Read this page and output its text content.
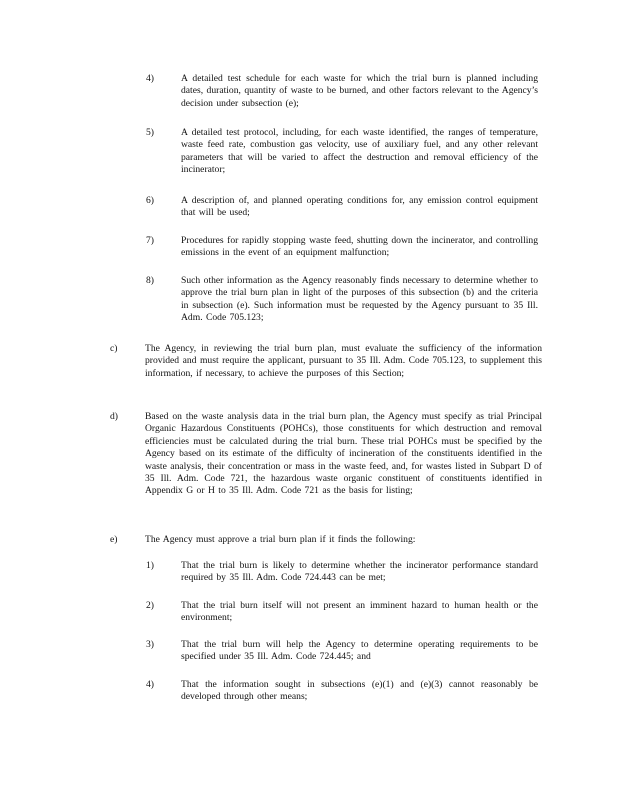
4)	A detailed test schedule for each waste for which the trial burn is planned including dates, duration, quantity of waste to be burned, and other factors relevant to the Agency’s decision under subsection (e);
5)	A detailed test protocol, including, for each waste identified, the ranges of temperature, waste feed rate, combustion gas velocity, use of auxiliary fuel, and any other relevant parameters that will be varied to affect the destruction and removal efficiency of the incinerator;
6)	A description of, and planned operating conditions for, any emission control equipment that will be used;
7)	Procedures for rapidly stopping waste feed, shutting down the incinerator, and controlling emissions in the event of an equipment malfunction;
8)	Such other information as the Agency reasonably finds necessary to determine whether to approve the trial burn plan in light of the purposes of this subsection (b) and the criteria in subsection (e). Such information must be requested by the Agency pursuant to 35 Ill. Adm. Code 705.123;
c)	The Agency, in reviewing the trial burn plan, must evaluate the sufficiency of the information provided and must require the applicant, pursuant to 35 Ill. Adm. Code 705.123, to supplement this information, if necessary, to achieve the purposes of this Section;
d)	Based on the waste analysis data in the trial burn plan, the Agency must specify as trial Principal Organic Hazardous Constituents (POHCs), those constituents for which destruction and removal efficiencies must be calculated during the trial burn. These trial POHCs must be specified by the Agency based on its estimate of the difficulty of incineration of the constituents identified in the waste analysis, their concentration or mass in the waste feed, and, for wastes listed in Subpart D of 35 Ill. Adm. Code 721, the hazardous waste organic constituent of constituents identified in Appendix G or H to 35 Ill. Adm. Code 721 as the basis for listing;
e)	The Agency must approve a trial burn plan if it finds the following:
1)	That the trial burn is likely to determine whether the incinerator performance standard required by 35 Ill. Adm. Code 724.443 can be met;
2)	That the trial burn itself will not present an imminent hazard to human health or the environment;
3)	That the trial burn will help the Agency to determine operating requirements to be specified under 35 Ill. Adm. Code 724.445; and
4)	That the information sought in subsections (e)(1) and (e)(3) cannot reasonably be developed through other means;
